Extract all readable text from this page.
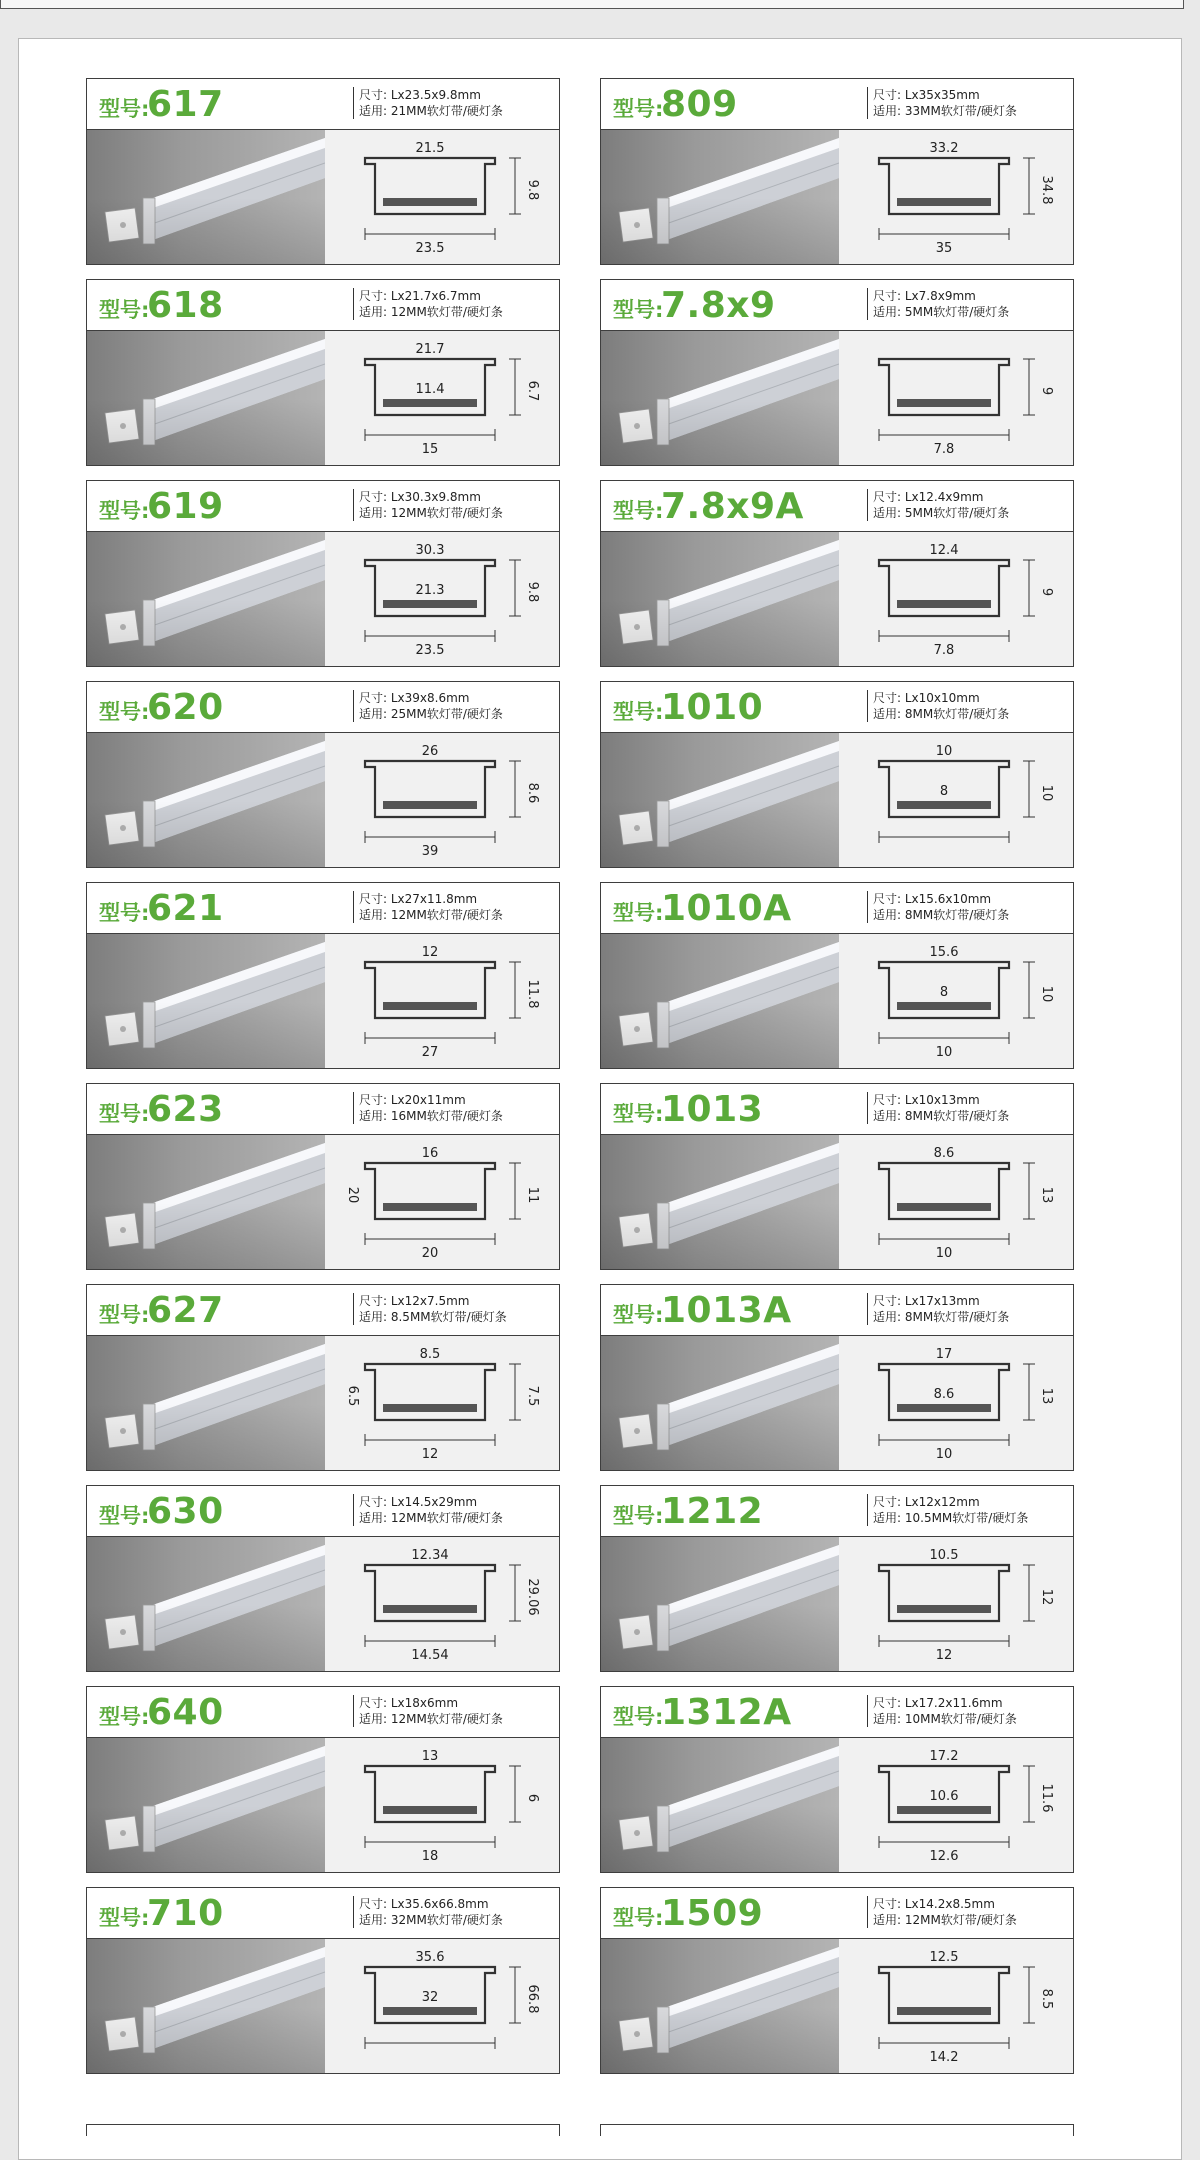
型号:
617	尺寸: Lx23.5x9.8mm
适用: 21MM软灯带/硬灯条
21.5
23.5
9.8
型号:
809	尺寸: Lx35x35mm
适用: 33MM软灯带/硬灯条
33.2
35
34.8
型号:
618	尺寸: Lx21.7x6.7mm
适用: 12MM软灯带/硬灯条
21.7
11.4
15
6.7
型号:
7.8x9	尺寸: Lx7.8x9mm
适用: 5MM软灯带/硬灯条
7.8
9
型号:
619	尺寸: Lx30.3x9.8mm
适用: 12MM软灯带/硬灯条
30.3
21.3
23.5
9.8
型号:
7.8x9A	尺寸: Lx12.4x9mm
适用: 5MM软灯带/硬灯条
12.4
7.8
9
型号:
620	尺寸: Lx39x8.6mm
适用: 25MM软灯带/硬灯条
26
39
8.6
型号:
1010	尺寸: Lx10x10mm
适用: 8MM软灯带/硬灯条
10
8	10
型号:
621	尺寸: Lx27x11.8mm
适用: 12MM软灯带/硬灯条
12
27
11.8
型号:
1010A	尺寸: Lx15.6x10mm
适用: 8MM软灯带/硬灯条
15.6
8
10
10
型号:
623	尺寸: Lx20x11mm
适用: 16MM软灯带/硬灯条
16
20
11
20
型号:
1013	尺寸: Lx10x13mm
适用: 8MM软灯带/硬灯条
8.6
10
13
型号:
627	尺寸: Lx12x7.5mm
适用: 8.5MM软灯带/硬灯条
8.5
12
7.5
6.5
型号:
1013A	尺寸: Lx17x13mm
适用: 8MM软灯带/硬灯条
17
8.6
10
13
型号:
630	尺寸: Lx14.5x29mm
适用: 12MM软灯带/硬灯条
12.34
14.54
29.06
型号:
1212	尺寸: Lx12x12mm
适用: 10.5MM软灯带/硬灯条
10.5
12
12
型号:
640	尺寸: Lx18x6mm
适用: 12MM软灯带/硬灯条
13
18
6
型号:
1312A	尺寸: Lx17.2x11.6mm
适用: 10MM软灯带/硬灯条
17.2
10.6
12.6
11.6
型号:
710	尺寸: Lx35.6x66.8mm
适用: 32MM软灯带/硬灯条
35.6
32	66.8
型号:
1509	尺寸: Lx14.2x8.5mm
适用: 12MM软灯带/硬灯条
12.5
14.2
8.5
